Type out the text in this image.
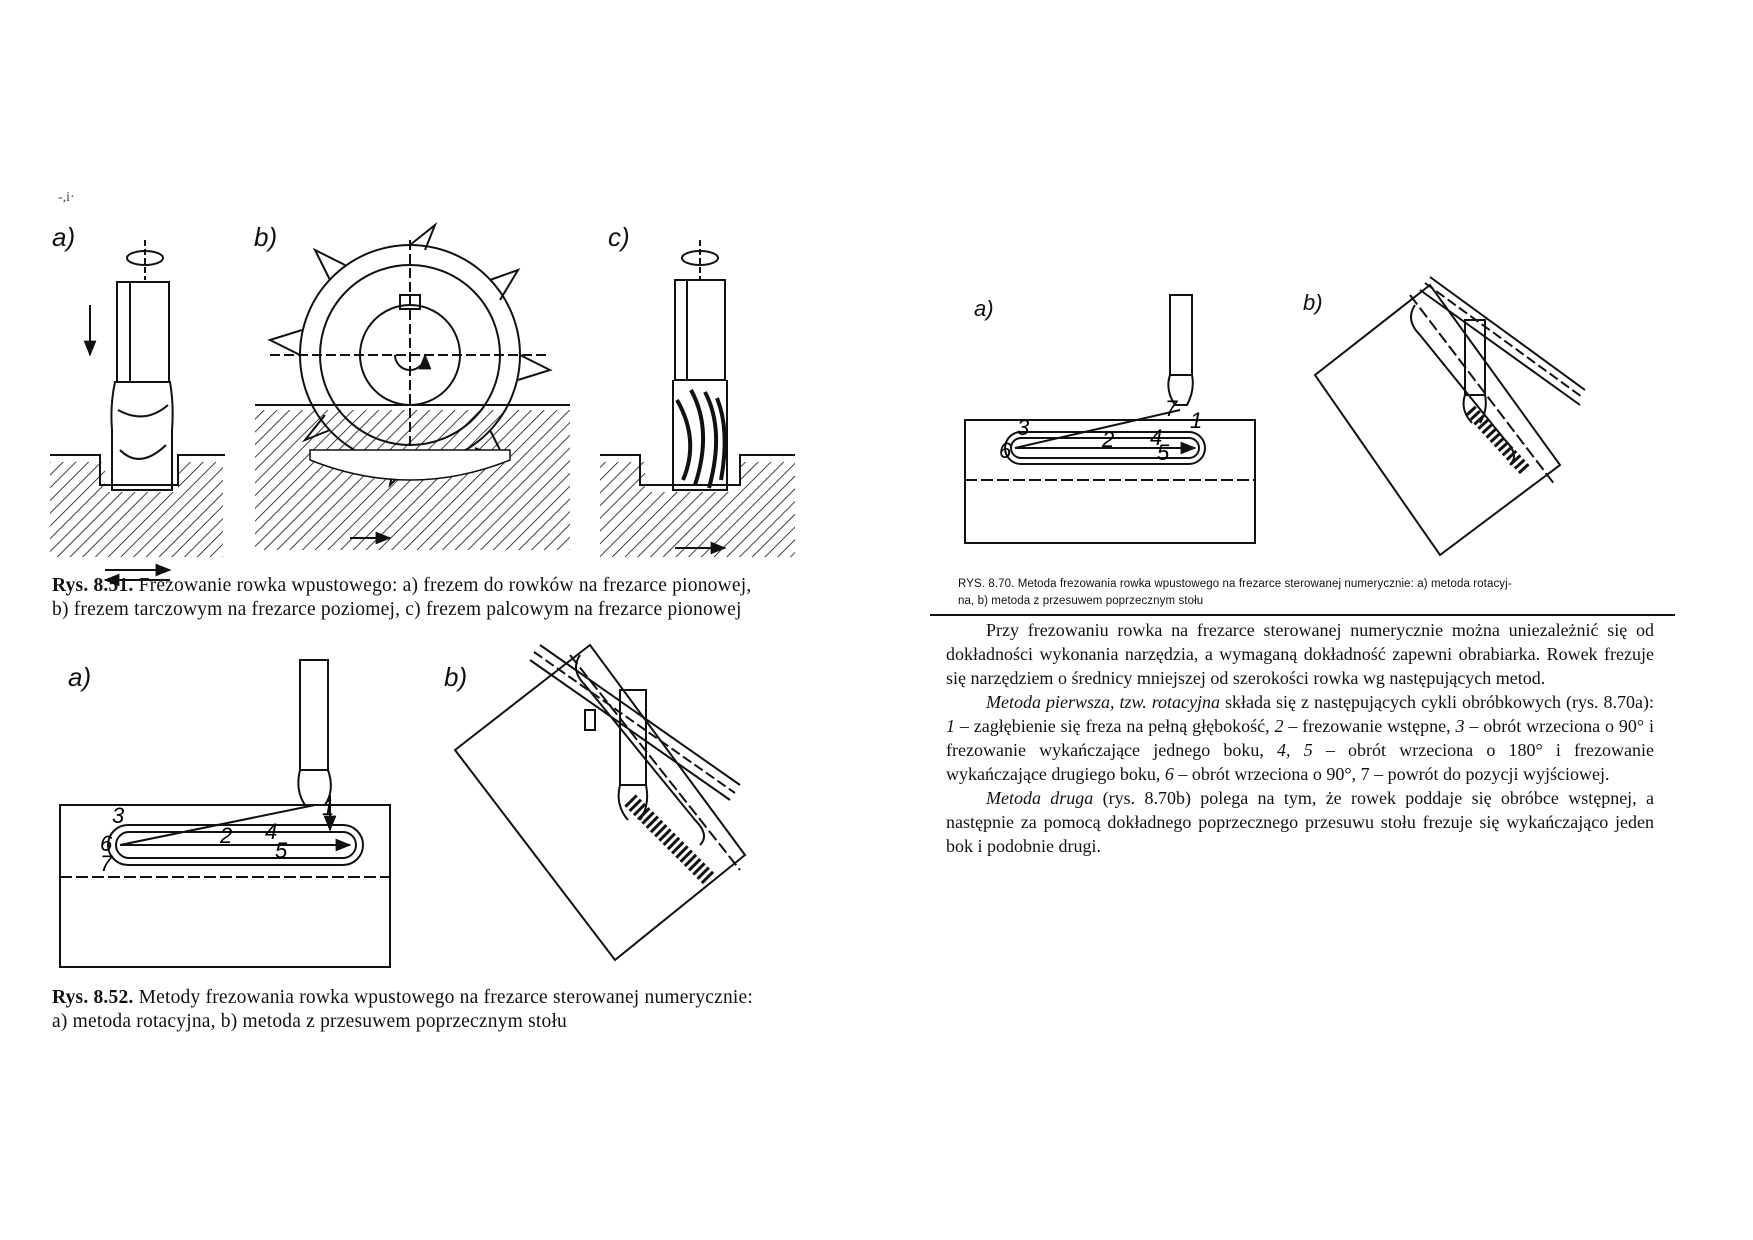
-,i·
a)	b)	c)
Rys. 8.51. Frezowanie rowka wpustowego: a) frezem do rowków na frezarce pionowej,
b) frezem tarczowym na frezarce poziomej, c) frezem palcowym na frezarce pionowej
a)	b)
1
2
3
4
5
6
7
Rys. 8.52. Metody frezowania rowka wpustowego na frezarce sterowanej numerycznie:
a) metoda rotacyjna, b) metoda z przesuwem poprzecznym stołu
a)	b)
1
2
3	4
5
6
7
RYS. 8.70. Metoda frezowania rowka wpustowego na frezarce sterowanej numerycznie: a) metoda rotacyj-
na, b) metoda z przesuwem poprzecznym stołu

Przy frezowaniu rowka na frezarce sterowanej numerycznie można uniezależnić się od dokładności wykonania narzędzia, a wymaganą dokładność zapewni obrabiarka. Rowek frezuje się narzędziem o średnicy mniejszej od szerokości rowka wg następujących metod.

Metoda pierwsza, tzw. rotacyjna składa się z następujących cykli obróbkowych (rys. 8.70a): 1 – zagłębienie się freza na pełną głębokość, 2 – frezowanie wstępne, 3 – obrót wrzeciona o 90° i frezowanie wykańczające jednego boku, 4, 5 – obrót wrzeciona o 180° i frezowanie wykańczające drugiego boku, 6 – obrót wrzeciona o 90°, 7 – powrót do pozycji wyjściowej.

Metoda druga (rys. 8.70b) polega na tym, że rowek poddaje się obróbce wstępnej, a następnie za pomocą dokładnego poprzecznego przesuwu stołu frezuje się wykańczająco jeden bok i podobnie drugi.
